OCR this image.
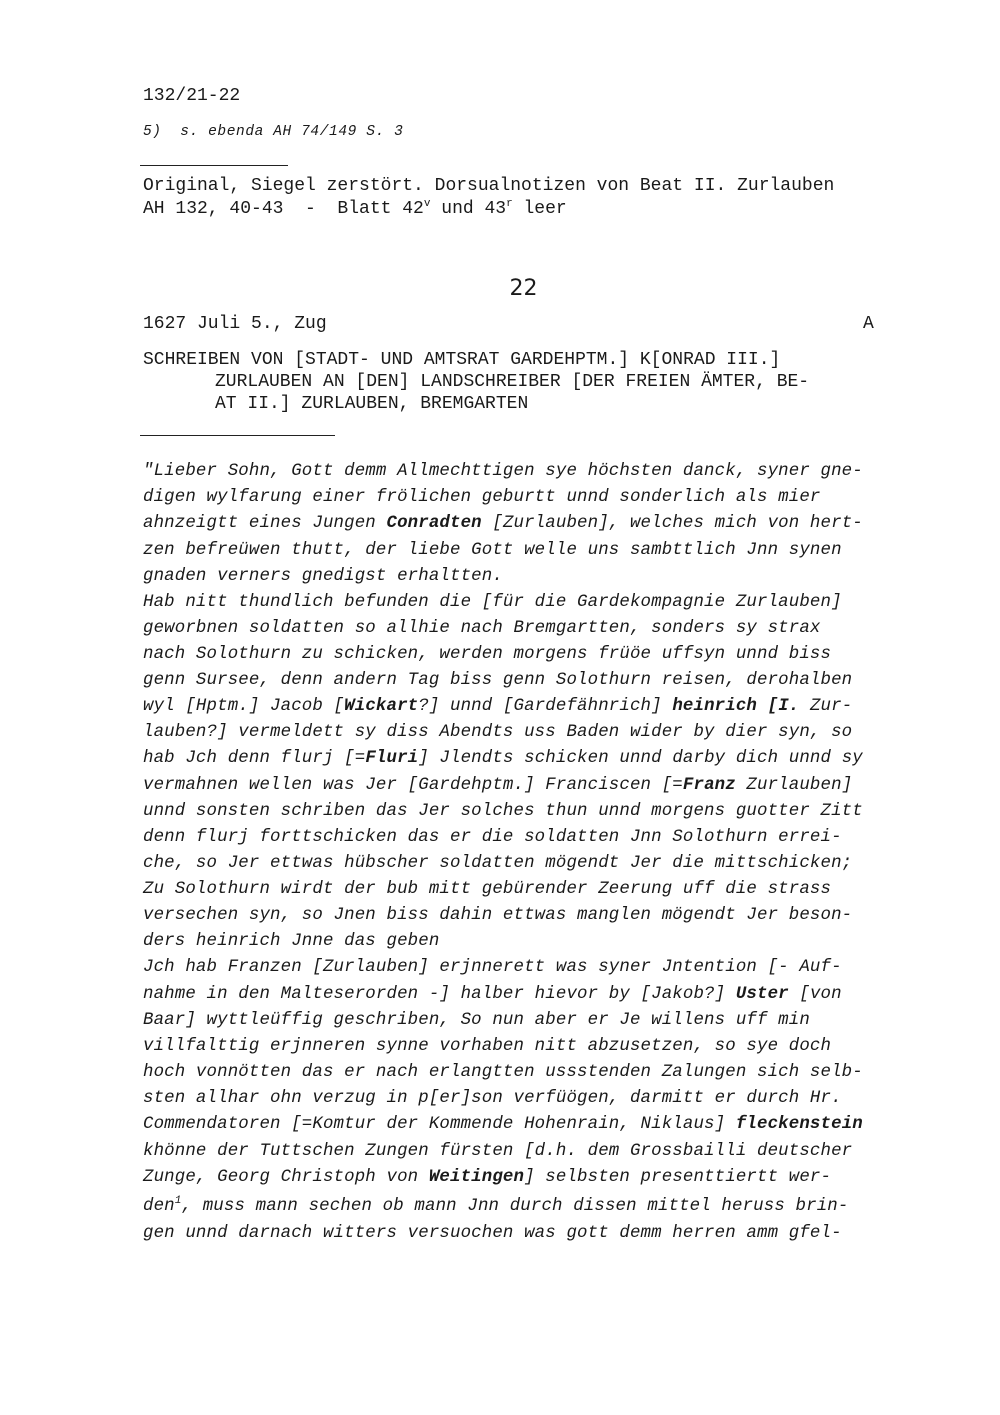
132/21-22
5)  s. ebenda AH 74/149 S. 3
Original, Siegel zerstört. Dorsualnotizen von Beat II. Zurlauben
AH 132, 40-43  -  Blatt 42$^v$ und 43$^r$ leer
22
1627 Juli 5., Zug	A
SCHREIBEN VON [STADT- UND AMTSRAT GARDEHPTM.] K[ONRAD III.]
ZURLAUBEN AN [DEN] LANDSCHREIBER [DER FREIEN ÄMTER, BE-
AT II.] ZURLAUBEN, BREMGARTEN
"Lieber Sohn, Gott demm Allmechttigen sye höchsten danck, syner gne-
digen wylfarung einer frölichen geburtt unnd sonderlich als mier
ahnzeigtt eines Jungen Conradten [Zurlauben], welches mich von hert-
zen befreüwen thutt, der liebe Gott welle uns sambttlich Jnn synen
gnaden verners gnedigst erhaltten.
Hab nitt thundlich befunden die [für die Gardekompagnie Zurlauben]
geworbnen soldatten so allhie nach Bremgartten, sonders sy strax
nach Solothurn zu schicken, werden morgens früöe uffsyn unnd biss
genn Sursee, denn andern Tag biss genn Solothurn reisen, derohalben
wyl [Hptm.] Jacob [Wickart?] unnd [Gardefähnrich] heinrich [I. Zur-
lauben?] vermeldett sy diss Abendts uss Baden wider by dier syn, so
hab Jch denn flurj [=Fluri] Jlendts schicken unnd darby dich unnd sy
vermahnen wellen was Jer [Gardehptm.] Franciscen [=Franz Zurlauben]
unnd sonsten schriben das Jer solches thun unnd morgens guotter Zitt
denn flurj forttschicken das er die soldatten Jnn Solothurn errei-
che, so Jer ettwas hübscher soldatten mögendt Jer die mittschicken;
Zu Solothurn wirdt der bub mitt gebürender Zeerung uff die strass
versechen syn, so Jnen biss dahin ettwas manglen mögendt Jer beson-
ders heinrich Jnne das geben
Jch hab Franzen [Zurlauben] erjnnerett was syner Jntention [- Auf-
nahme in den Malteserorden -] halber hievor by [Jakob?] Uster [von
Baar] wyttleüffig geschriben, So nun aber er Je willens uff min
villfalttig erjnneren synne vorhaben nitt abzusetzen, so sye doch
hoch vonnötten das er nach erlangtten ussstenden Zalungen sich selb-
sten allhar ohn verzug in p[er]son verfüögen, darmitt er durch Hr.
Commendatoren [=Komtur der Kommende Hohenrain, Niklaus] fleckenstein
khönne der Tuttschen Zungen fürsten [d.h. dem Grossbailli deutscher
Zunge, Georg Christoph von Weitingen] selbsten presenttiertt wer-
den$^1$, muss mann sechen ob mann Jnn durch dissen mittel heruss brin-
gen unnd darnach witters versuochen was gott demm herren amm gfel-
